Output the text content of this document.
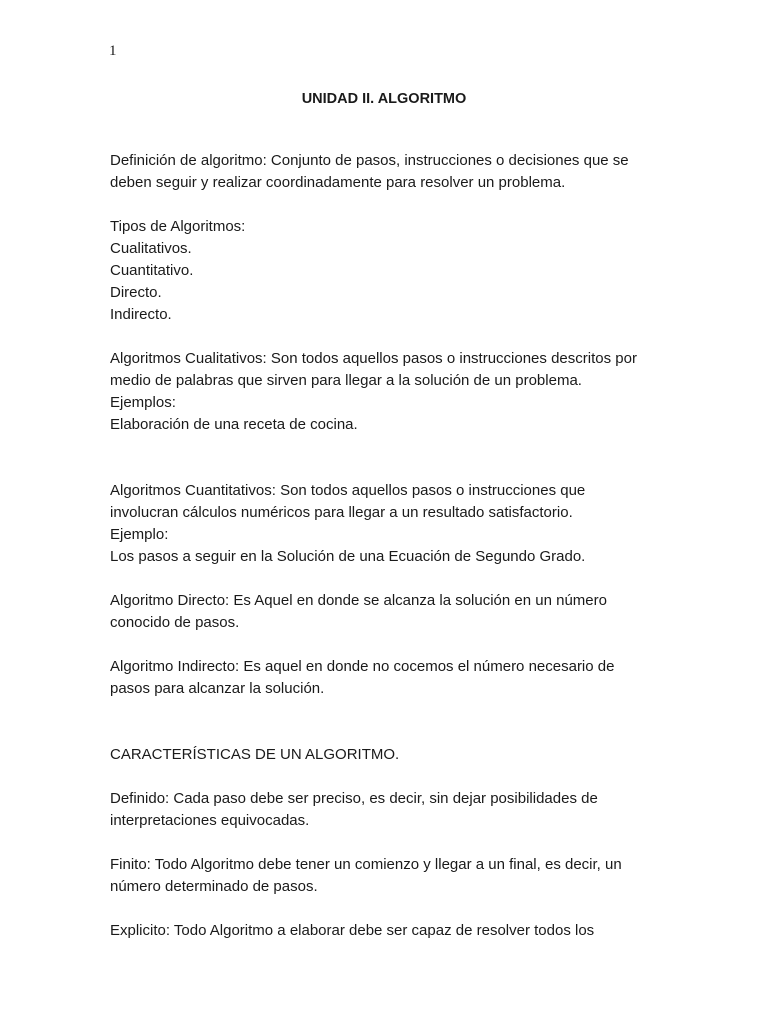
1
UNIDAD II. ALGORITMO
Definición de algoritmo: Conjunto de pasos, instrucciones o decisiones que se
deben seguir y realizar coordinadamente para resolver un problema.
Tipos de Algoritmos:
Cualitativos.
Cuantitativo.
Directo.
Indirecto.
Algoritmos Cualitativos: Son todos aquellos pasos o instrucciones descritos por
medio de palabras que sirven para llegar a la solución de un problema.
Ejemplos:
Elaboración de una receta de cocina.
Algoritmos Cuantitativos: Son todos aquellos pasos o instrucciones que
involucran cálculos numéricos para llegar a un resultado satisfactorio.
Ejemplo:
Los pasos a seguir en la Solución de una Ecuación de Segundo Grado.
Algoritmo Directo: Es Aquel en donde se alcanza la solución en un número
conocido de pasos.
Algoritmo Indirecto: Es aquel en donde no cocemos el número necesario de
pasos para alcanzar la solución.
CARACTERÍSTICAS DE UN ALGORITMO.
Definido: Cada paso debe ser preciso, es decir, sin dejar posibilidades de
interpretaciones equivocadas.
Finito: Todo Algoritmo debe tener un comienzo y llegar a un final, es decir, un
número determinado de pasos.
Explicito: Todo Algoritmo a elaborar debe ser capaz de resolver todos los
